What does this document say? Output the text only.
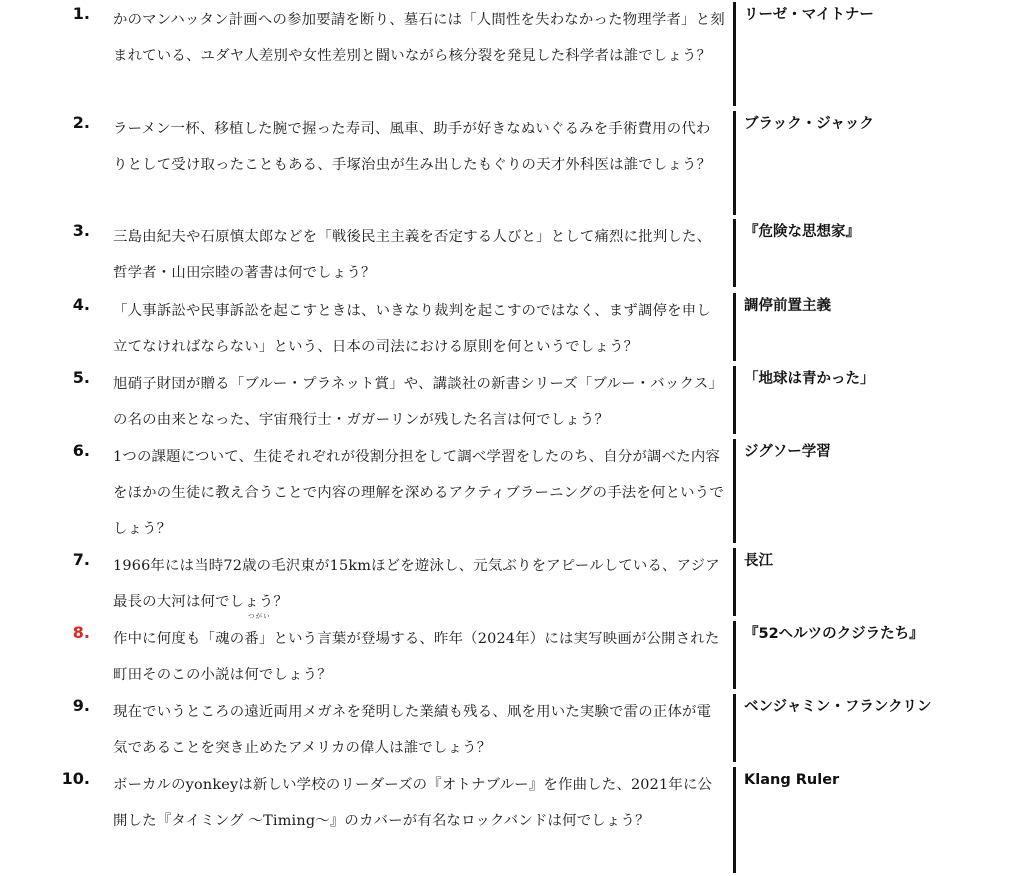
1. かのマンハッタン計画への参加要請を断り、墓石には「人間性を失わなかった物理学者」と刻まれている、ユダヤ人差別や女性差別と闘いながら核分裂を発見した科学者は誰でしょう？

リーゼ・マイトナー
2. ラーメン一杯、移植した腕で握った寿司、風車、助手が好きなぬいぐるみを手術費用の代わりとして受け取ったこともある、手塚治虫が生み出したもぐりの天才外科医は誰でしょう？

ブラック・ジャック
3. 三島由紀夫や石原慎太郎などを「戦後民主主義を否定する人びと」として痛烈に批判した、哲学者・山田宗睦の著書は何でしょう？

『危険な思想家』
4. 「人事訴訟や民事訴訟を起こすときは、いきなり裁判を起こすのではなく、まず調停を申し立てなければならない」という、日本の司法における原則を何というでしょう？

調停前置主義
5. 旭硝子財団が贈る「ブルー・プラネット賞」や、講談社の新書シリーズ「ブルー・バックス」の名の由来となった、宇宙飛行士・ガガーリンが残した名言は何でしょう？

「地球は青かった」
6. 1つの課題について、生徒それぞれが役割分担をして調べ学習をしたのち、自分が調べた内容をほかの生徒に教え合うことで内容の理解を深めるアクティブラーニングの手法を何というでしょう？

ジグソー学習
7. 1966年には当時72歳の毛沢東が15kmほどを遊泳し、元気ぶりをアピールしている、アジア最長の大河は何でしょう？

長江
8.
つがい

作中に何度も「魂の番」という言葉が登場する、昨年（2024年）には実写映画が公開された町田そのこの小説は何でしょう？

『52ヘルツのクジラたち』
9. 現在でいうところの遠近両用メガネを発明した業績も残る、凧を用いた実験で雷の正体が電気であることを突き止めたアメリカの偉人は誰でしょう？

ベンジャミン・フランクリン
10. ボーカルのyonkeyは新しい学校のリーダーズの『オトナブルー』を作曲した、2021年に公開した『タイミング 〜Timing〜』のカバーが有名なロックバンドは何でしょう？

Klang Ruler
